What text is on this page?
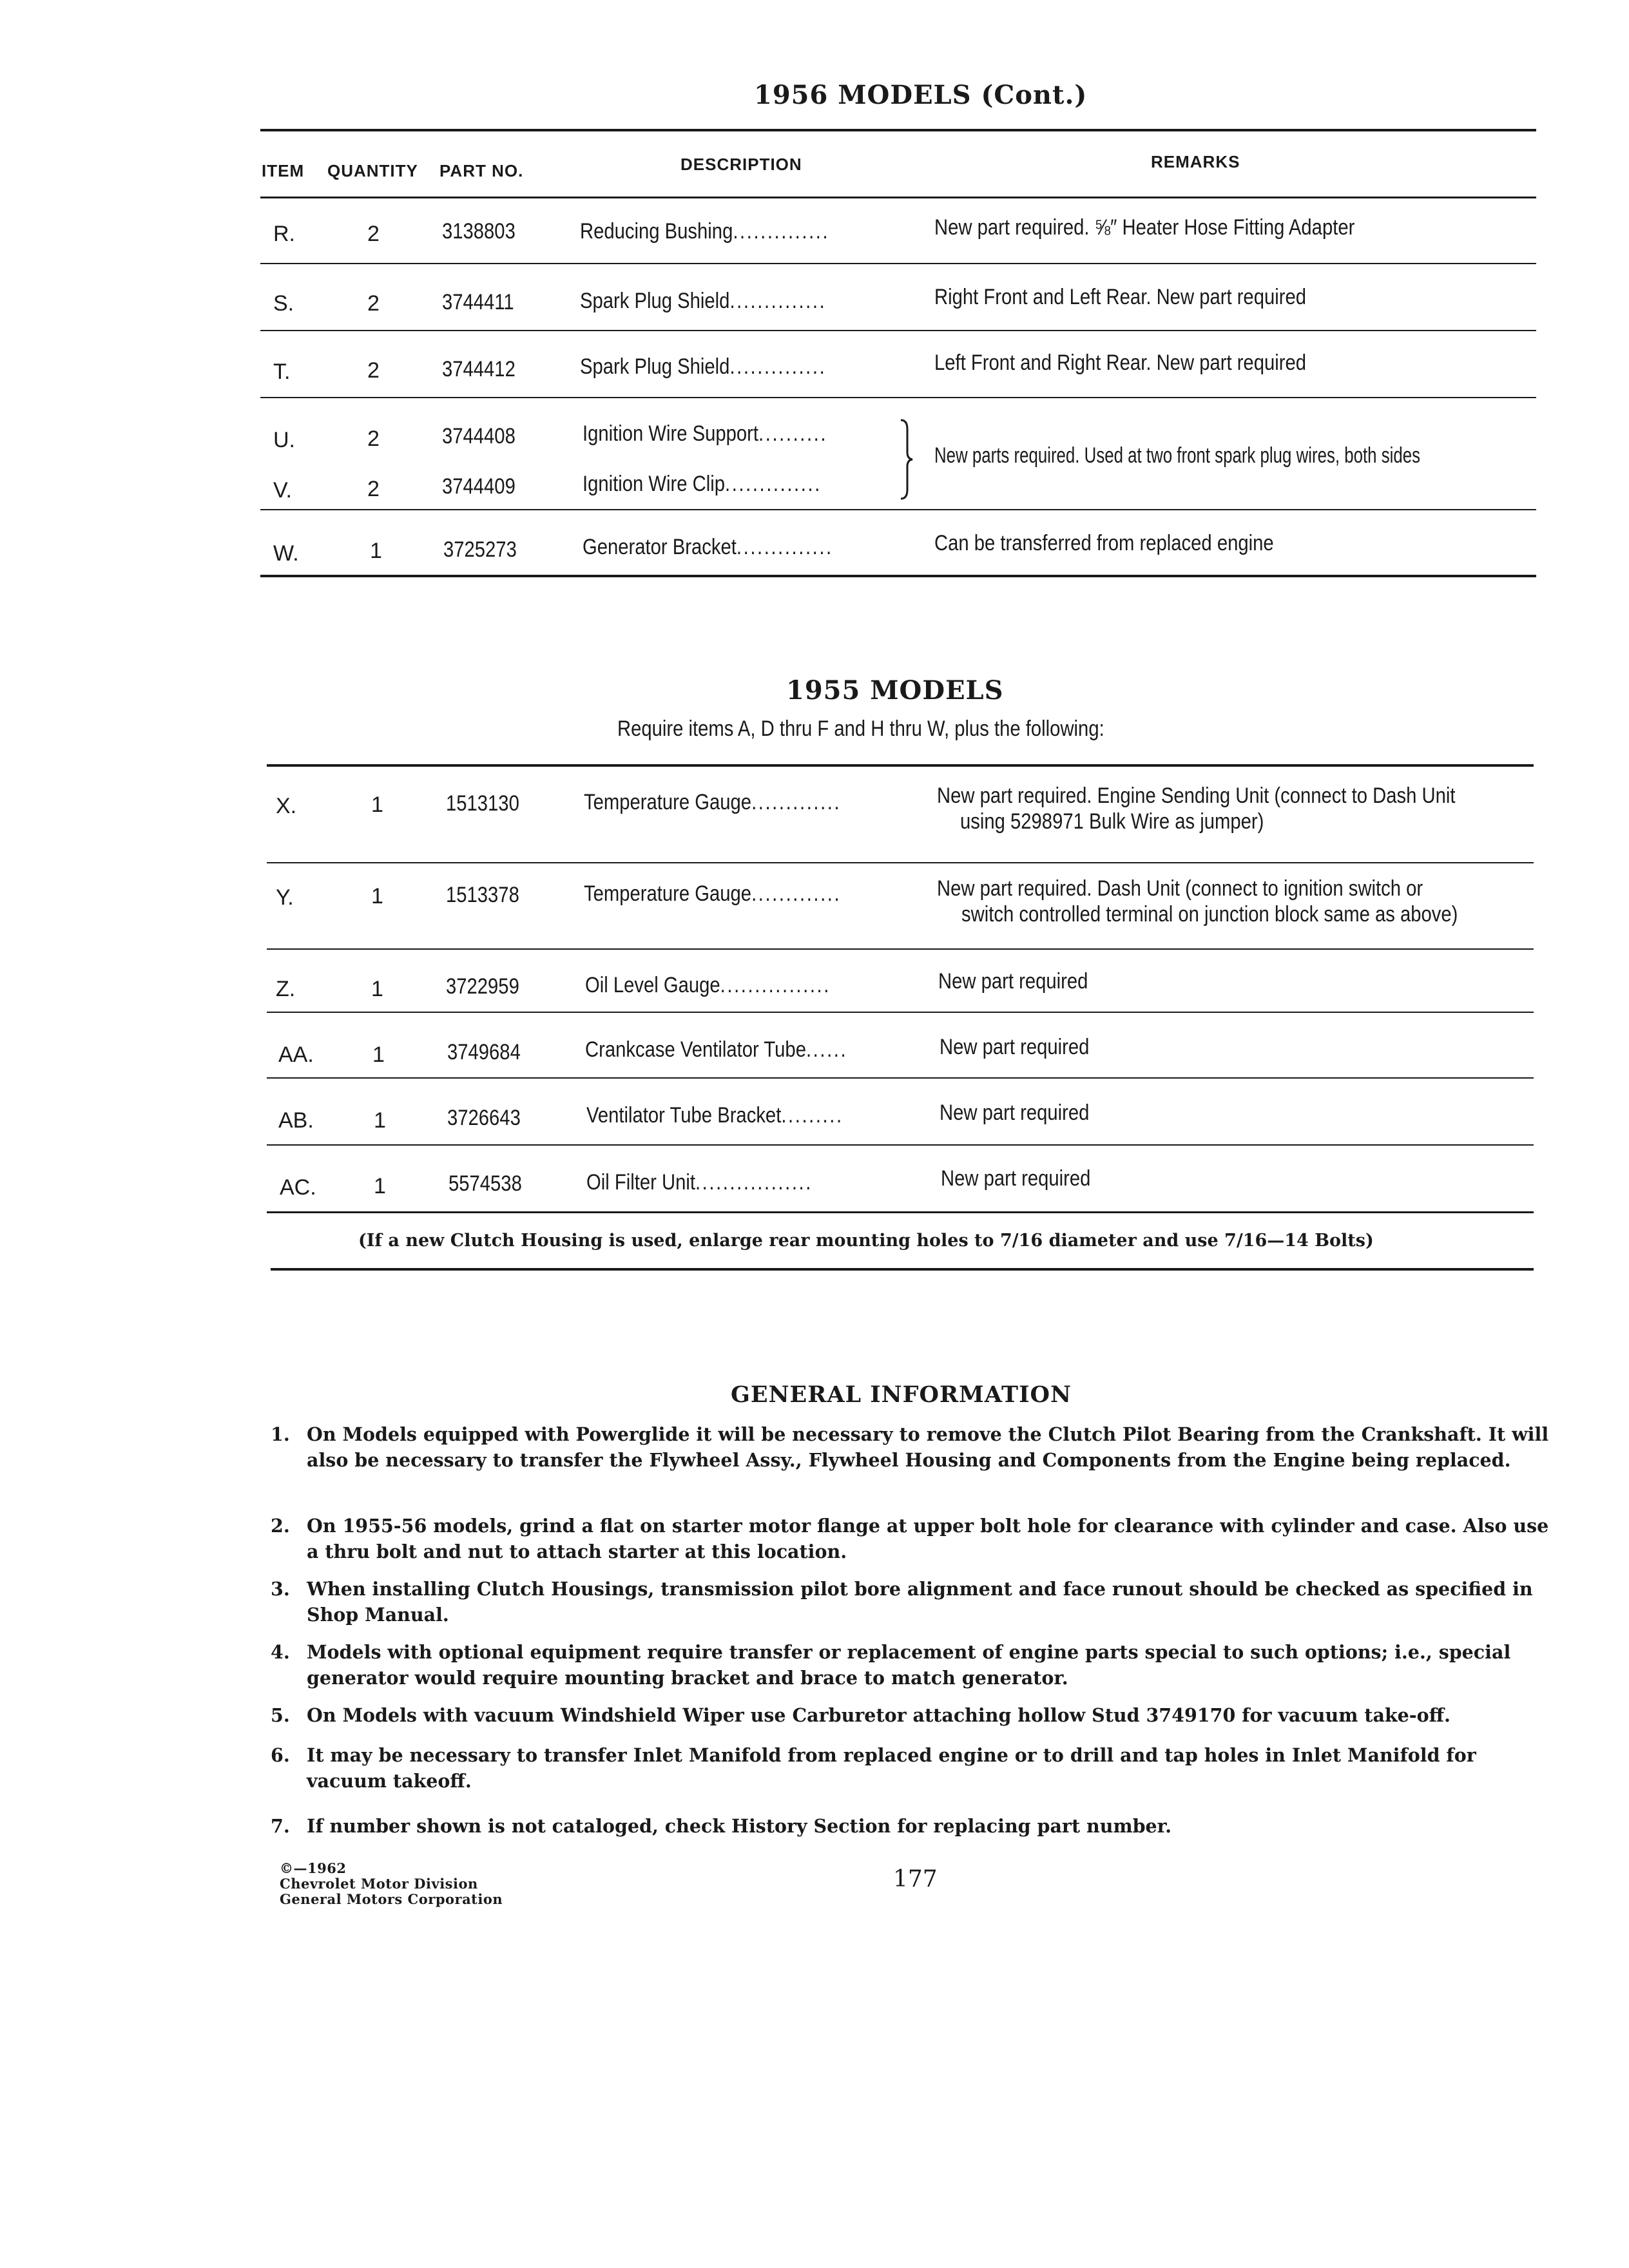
1956 MODELS (Cont.)
ITEM QUANTITY PART NO.	DESCRIPTION	REMARKS
R.	2	3138803	Reducing Bushing..............	New part required. ⅝″ Heater Hose Fitting Adapter
S.	2	3744411	Spark Plug Shield..............	Right Front and Left Rear. New part required
T.	2	3744412	Spark Plug Shield..............	Left Front and Right Rear. New part required
U.	2	3744408	Ignition Wire Support..........
V.	2	3744409	Ignition Wire Clip..............
New parts required. Used at two front spark plug wires, both sides
W.	1	3725273	Generator Bracket..............	Can be transferred from replaced engine
1955 MODELS
Require items A, D thru F and H thru W, plus the following:
X.	1	1513130	Temperature Gauge.............	New part required. Engine Sending Unit (connect to Dash Unit
using 5298971 Bulk Wire as jumper)
Y.	1	1513378	Temperature Gauge.............	New part required. Dash Unit (connect to ignition switch or
switch controlled terminal on junction block same as above)
Z.	1	3722959	Oil Level Gauge................	New part required
AA.	1	3749684	Crankcase Ventilator Tube......	New part required
AB.	1	3726643	Ventilator Tube Bracket.........	New part required
AC.	1	5574538	Oil Filter Unit.................	New part required
(If a new Clutch Housing is used, enlarge rear mounting holes to 7/16 diameter and use 7/16—14 Bolts)
GENERAL INFORMATION
1. On Models equipped with Powerglide it will be necessary to remove the Clutch Pilot Bearing from the Crankshaft. It will also be necessary to transfer the Flywheel Assy., Flywheel Housing and Components from the Engine being replaced.
2. On 1955-56 models, grind a flat on starter motor flange at upper bolt hole for clearance with cylinder and case. Also use a thru bolt and nut to attach starter at this location.
3. When installing Clutch Housings, transmission pilot bore alignment and face runout should be checked as specified in Shop Manual.
4. Models with optional equipment require transfer or replacement of engine parts special to such options; i.e., special generator would require mounting bracket and brace to match generator.
5. On Models with vacuum Windshield Wiper use Carburetor attaching hollow Stud 3749170 for vacuum take-off.
6. It may be necessary to transfer Inlet Manifold from replaced engine or to drill and tap holes in Inlet Manifold for vacuum takeoff.
7. If number shown is not cataloged, check History Section for replacing part number.
©—1962
Chevrolet Motor Division
General Motors Corporation
177
